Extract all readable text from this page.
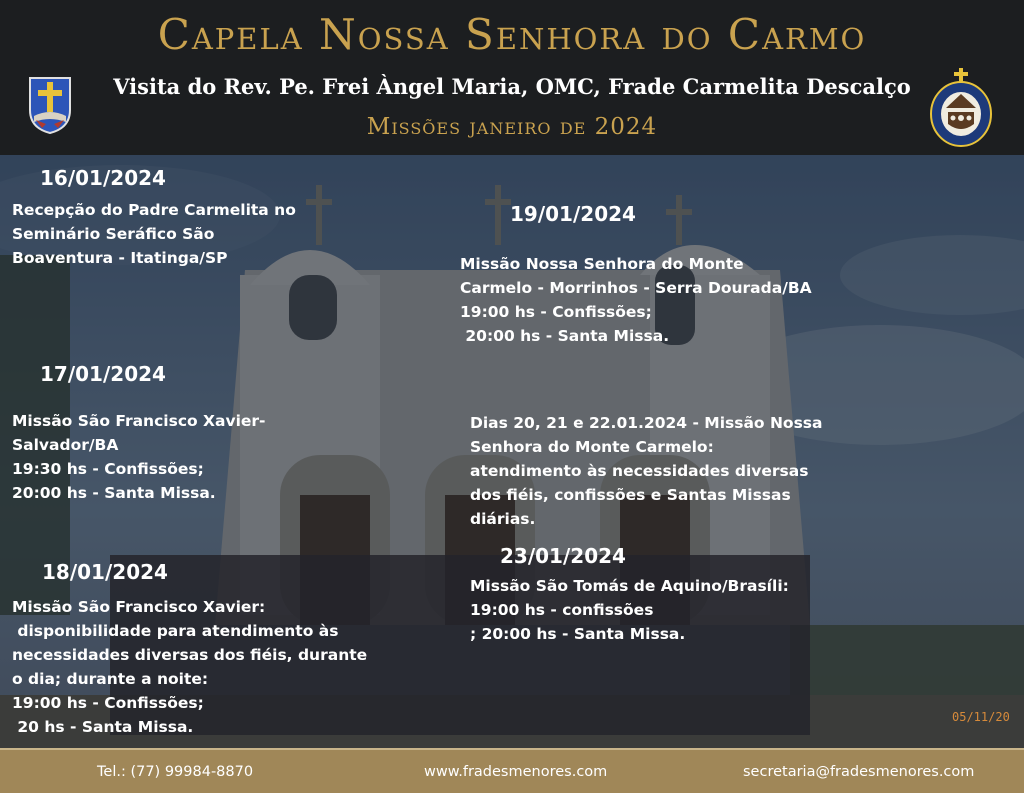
Capela Nossa Senhora do Carmo
Visita do Rev. Pe. Frei Àngel Maria, OMC, Frade Carmelita Descalço
Missões janeiro de 2024
05/11/20
16/01/2024
Recepção do Padre Carmelita no
Seminário Seráfico São
Boaventura - Itatinga/SP
17/01/2024
Missão São Francisco Xavier-
Salvador/BA
19:30 hs - Confissões;
20:00 hs - Santa Missa.
18/01/2024
Missão São Francisco Xavier:
disponibilidade para atendimento às
necessidades diversas dos fiéis, durante
o dia; durante a noite:
19:00 hs - Confissões;
20 hs - Santa Missa.
19/01/2024
Missão Nossa Senhora do Monte
Carmelo - Morrinhos - Serra Dourada/BA
19:00 hs - Confissões;
20:00 hs - Santa Missa.
Dias 20, 21 e 22.01.2024 - Missão Nossa
Senhora do Monte Carmelo:
atendimento às necessidades diversas
dos fiéis, confissões e Santas Missas
diárias.
23/01/2024
Missão São Tomás de Aquino/Brasíli:
19:00 hs - confissões
; 20:00 hs - Santa Missa.
Tel.: (77) 99984-8870	www.fradesmenores.com	secretaria@fradesmenores.com
